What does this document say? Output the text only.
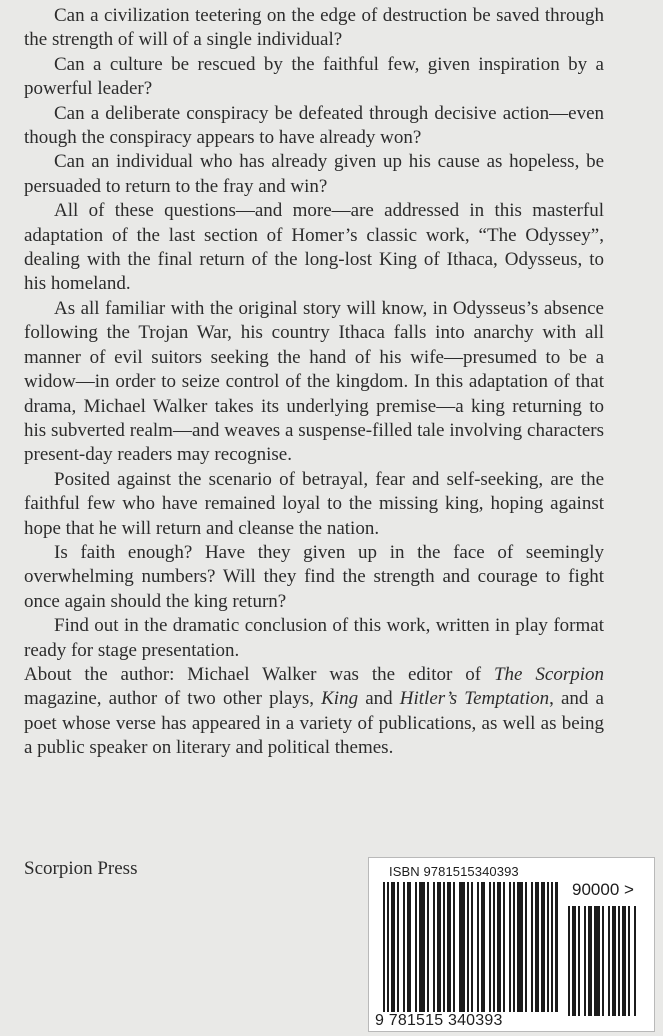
Can a civilization teetering on the edge of destruction be saved through the strength of will of a single individual?

Can a culture be rescued by the faithful few, given inspiration by a powerful leader?

Can a deliberate conspiracy be defeated through decisive action—even though the conspiracy appears to have already won?

Can an individual who has already given up his cause as hopeless, be persuaded to return to the fray and win?

All of these questions—and more—are addressed in this masterful adaptation of the last section of Homer’s classic work, “The Odyssey”, dealing with the final return of the long-lost King of Ithaca, Odysseus, to his homeland.

As all familiar with the original story will know, in Odysseus’s absence following the Trojan War, his country Ithaca falls into anarchy with all manner of evil suitors seeking the hand of his wife—presumed to be a widow—in order to seize control of the kingdom. In this adaptation of that drama, Michael Walker takes its underlying premise—a king returning to his subverted realm—and weaves a suspense-filled tale involving characters present-day readers may recognise.

Posited against the scenario of betrayal, fear and self-seeking, are the faithful few who have remained loyal to the missing king, hoping against hope that he will return and cleanse the nation.

Is faith enough? Have they given up in the face of seemingly overwhelming numbers? Will they find the strength and courage to fight once again should the king return?

Find out in the dramatic conclusion of this work, written in play format ready for stage presentation.

About the author: Michael Walker was the editor of The Scorpion magazine, author of two other plays, King and Hitler’s Temptation, and a poet whose verse has appeared in a variety of publications, as well as being a public speaker on literary and political themes.

Scorpion Press	ISBN 9781515340393
90000 >
9 781515 340393
